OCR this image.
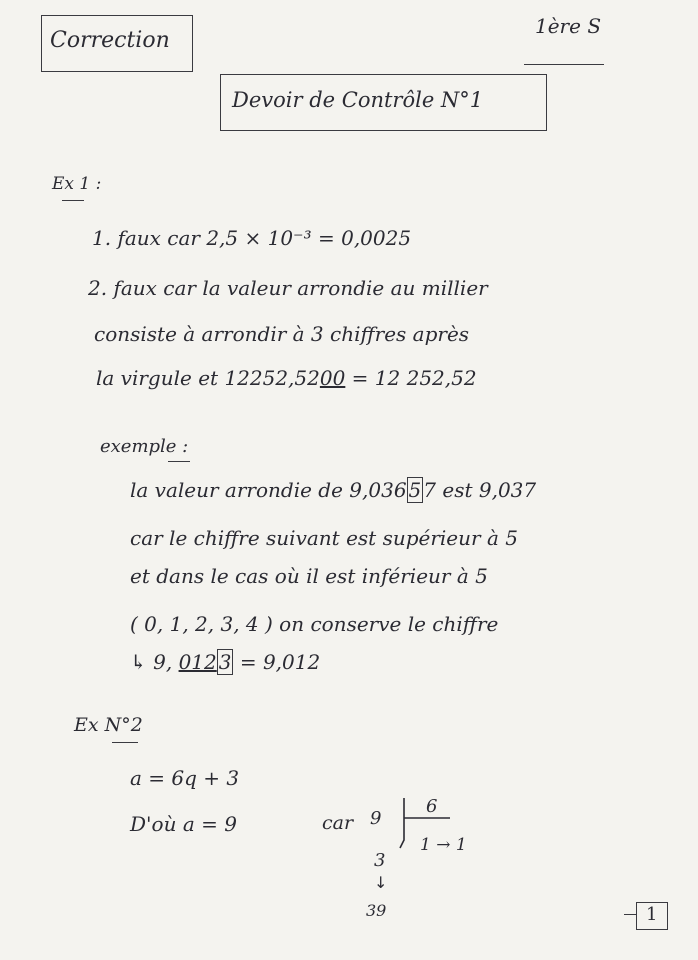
Correction
1ère S
Devoir de Contrôle N°1
Ex 1 :
1. faux car 2,5 × 10⁻³ = 0,0025
2. faux car la valeur arrondie au millier
consiste à arrondir à 3 chiffres après
la virgule et 12252,5200 = 12 252,52
exemple :
la valeur arrondie de 9,036 5 7 est 9,037
car le chiffre suivant est supérieur à 5
et dans le cas où il est inférieur à 5
( 0, 1, 2, 3, 4 ) on conserve le chiffre
↳ 9, 012 3 = 9,012
Ex N°2
a = 6q + 3
D'où a = 9	car 9
6
1 → 1
3
↓
39	1
